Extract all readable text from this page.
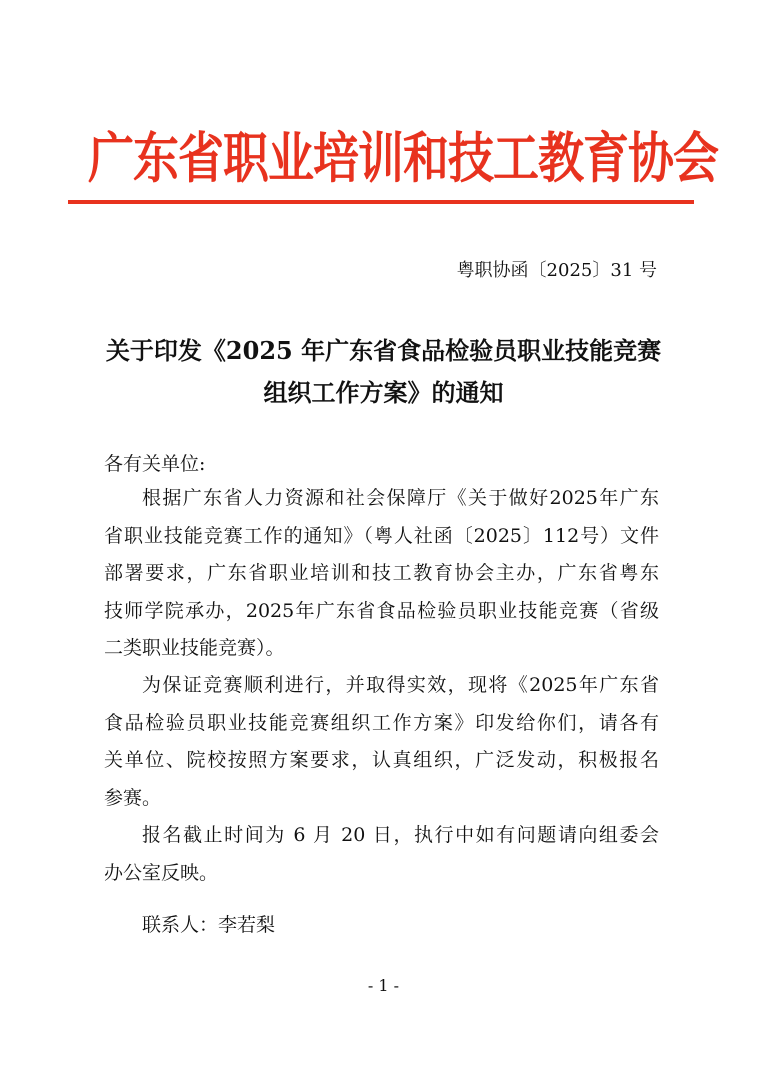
广东省职业培训和技工教育协会
粤职协函〔2025〕31 号
关于印发《2025 年广东省食品检验员职业技能竞赛
组织工作方案》的通知
各有关单位:
根据广东省人力资源和社会保障厅《关于做好2025年广东
省职业技能竞赛工作的通知》（粤人社函〔2025〕112号）文件
部署要求，广东省职业培训和技工教育协会主办，广东省粤东
技师学院承办，2025年广东省食品检验员职业技能竞赛（省级
二类职业技能竞赛）。
为保证竞赛顺利进行，并取得实效，现将《2025年广东省
食品检验员职业技能竞赛组织工作方案》印发给你们，请各有
关单位、院校按照方案要求，认真组织，广泛发动，积极报名
参赛。
报名截止时间为 6 月 20 日，执行中如有问题请向组委会
办公室反映。
联系人：李若梨
- 1 -
